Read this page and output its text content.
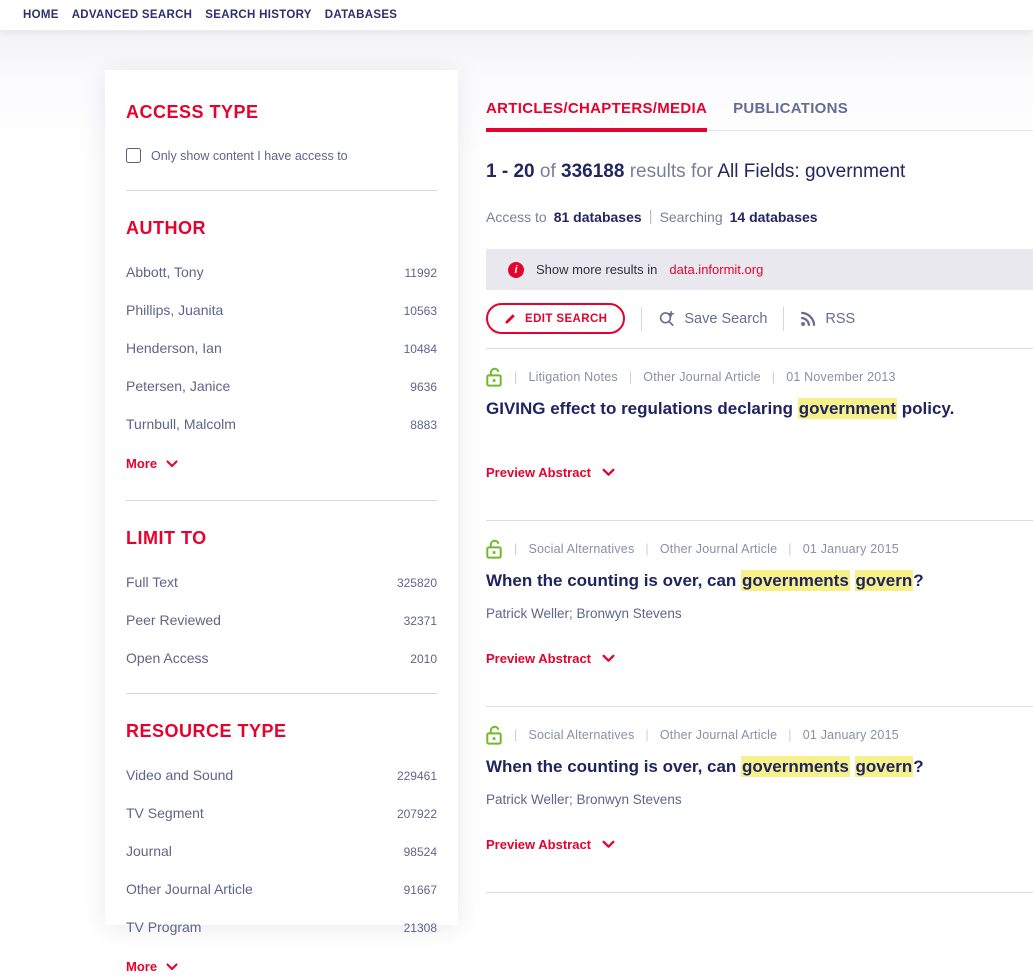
HOME ADVANCED SEARCH SEARCH HISTORY DATABASES
ACCESS TYPE
Only show content I have access to
AUTHOR
Abbott, Tony	11992
Phillips, Juanita	10563
Henderson, Ian	10484
Petersen, Janice	9636
Turnbull, Malcolm	8883
More
LIMIT TO
Full Text	325820
Peer Reviewed	32371
Open Access	2010
RESOURCE TYPE
Video and Sound	229461
TV Segment	207922
Journal	98524
Other Journal Article	91667
TV Program	21308
More
ARTICLES/CHAPTERS/MEDIA PUBLICATIONS
1 - 20 of 336188 results for All Fields: government
Access to 81 databases | Searching 14 databases
i	Show more results in data.informit.org
EDIT SEARCH	Save Search	RSS
| Litigation Notes | Other Journal Article | 01 November 2013
GIVING effect to regulations declaring government policy.
Preview Abstract
| Social Alternatives | Other Journal Article | 01 January 2015
When the counting is over, can governments govern?
Patrick Weller; Bronwyn Stevens
Preview Abstract
| Social Alternatives | Other Journal Article | 01 January 2015
When the counting is over, can governments govern?
Patrick Weller; Bronwyn Stevens
Preview Abstract
